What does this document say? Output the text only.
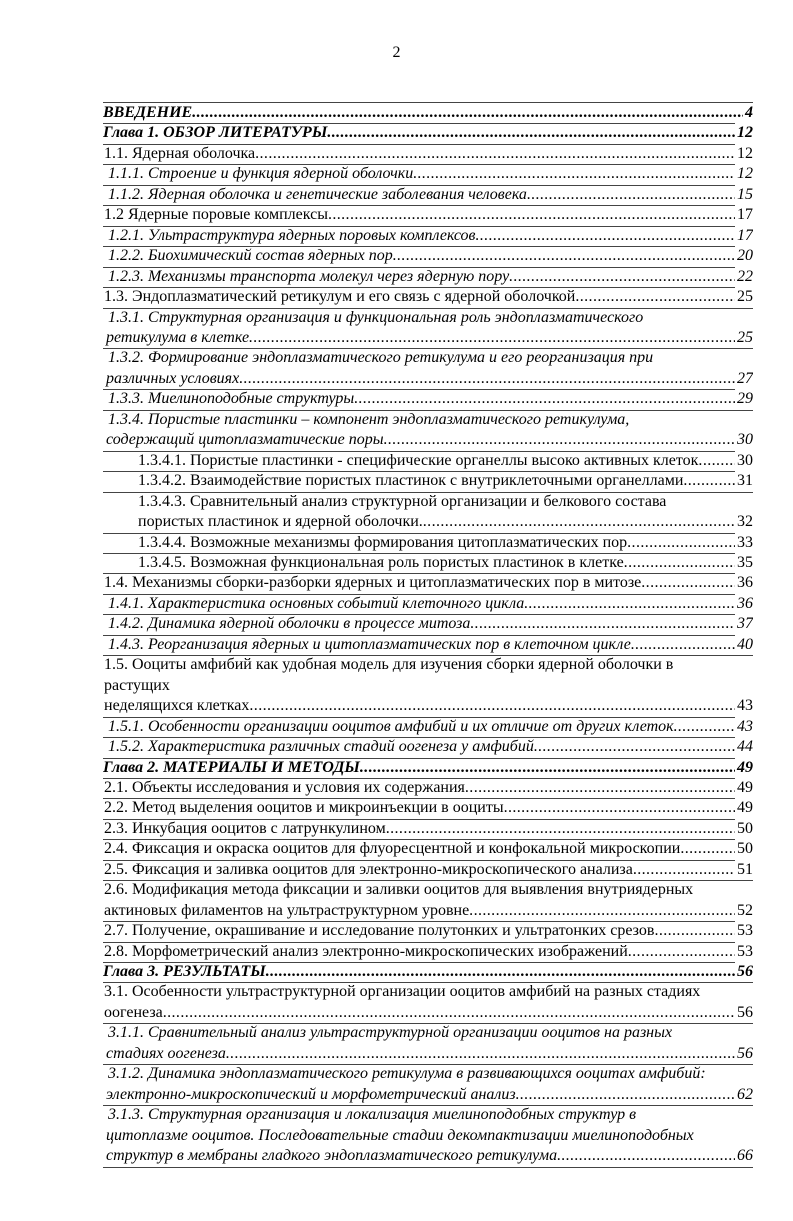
2
ВВЕДЕНИЕ .....	4
Глава 1. ОБЗОР ЛИТЕРАТУРЫ .....	12
1.1. Ядерная оболочка .....	12
1.1.1. Строение и функция ядерной оболочки .....	12
1.1.2. Ядерная оболочка и генетические заболевания человека .....	15
1.2 Ядерные поровые комплексы .....	17
1.2.1. Ультраструктура ядерных поровых комплексов .....	17
1.2.2. Биохимический состав ядерных пор .....	20
1.2.3. Механизмы транспорта молекул через ядерную пору .....	22
1.3. Эндоплазматический ретикулум и его связь с ядерной оболочкой .....	25
1.3.1. Структурная организация и функциональная роль эндоплазматического
ретикулума в клетке .....	25
1.3.2. Формирование эндоплазматического ретикулума и его реорганизация при
различных условиях .....	27
1.3.3. Миелиноподобные структуры .....	29
1.3.4. Пористые пластинки – компонент эндоплазматического ретикулума,
содержащий цитоплазматические поры .....	30
1.3.4.1. Пористые пластинки - специфические органеллы высоко активных клеток ..... 30
1.3.4.2. Взаимодействие пористых пластинок с внутриклеточными органеллами .....	31
1.3.4.3. Сравнительный анализ структурной организации и белкового состава
пористых пластинок и ядерной оболочки. .....	32
1.3.4.4. Возможные механизмы формирования цитоплазматических пор .....	33
1.3.4.5. Возможная функциональная роль пористых пластинок в клетке .....	35
1.4. Механизмы сборки-разборки ядерных и цитоплазматических пор в митозе .....	36
1.4.1. Характеристика основных событий клеточного цикла .....	36
1.4.2. Динамика ядерной оболочки в процессе митоза .....	37
1.4.3. Реорганизация ядерных и цитоплазматических пор в клеточном цикле .....	40
1.5. Ооциты амфибий как удобная модель для изучения сборки ядерной оболочки в растущих
неделящихся клетках .....	43
1.5.1. Особенности организации ооцитов амфибий и их отличие от других клеток .....	43
1.5.2. Характеристика различных стадий оогенеза у амфибий .....	44
Глава 2. МАТЕРИАЛЫ И МЕТОДЫ .....	49
2.1. Объекты исследования и условия их содержания .....	49
2.2. Метод выделения ооцитов и микроинъекции в ооциты .....	49
2.3. Инкубация ооцитов с латрункулином .....	50
2.4. Фиксация и окраска ооцитов для флуоресцентной и конфокальной микроскопии .....	50
2.5. Фиксация и заливка ооцитов для электронно-микроскопического анализа .....	51
2.6. Модификация метода фиксации и заливки ооцитов для выявления внутриядерных
актиновых филаментов на ультраструктурном уровне .....	52
2.7. Получение, окрашивание и исследование полутонких и ультратонких срезов .....	53
2.8. Морфометрический анализ электронно-микроскопических изображений .....	53
Глава 3. РЕЗУЛЬТАТЫ .....	56
3.1. Особенности ультраструктурной организации ооцитов амфибий на разных стадиях
оогенеза .....	56
3.1.1. Сравнительный анализ ультраструктурной организации ооцитов на разных
стадиях оогенеза .....	56
3.1.2. Динамика эндоплазматического ретикулума в развивающихся ооцитах амфибий:
электронно-микроскопический и морфометрический анализ .....	62
3.1.3. Структурная организация и локализация миелиноподобных структур в
цитоплазме ооцитов. Последовательные стадии декомпактизации миелиноподобных
структур в мембраны гладкого эндоплазматического ретикулума .....	66
